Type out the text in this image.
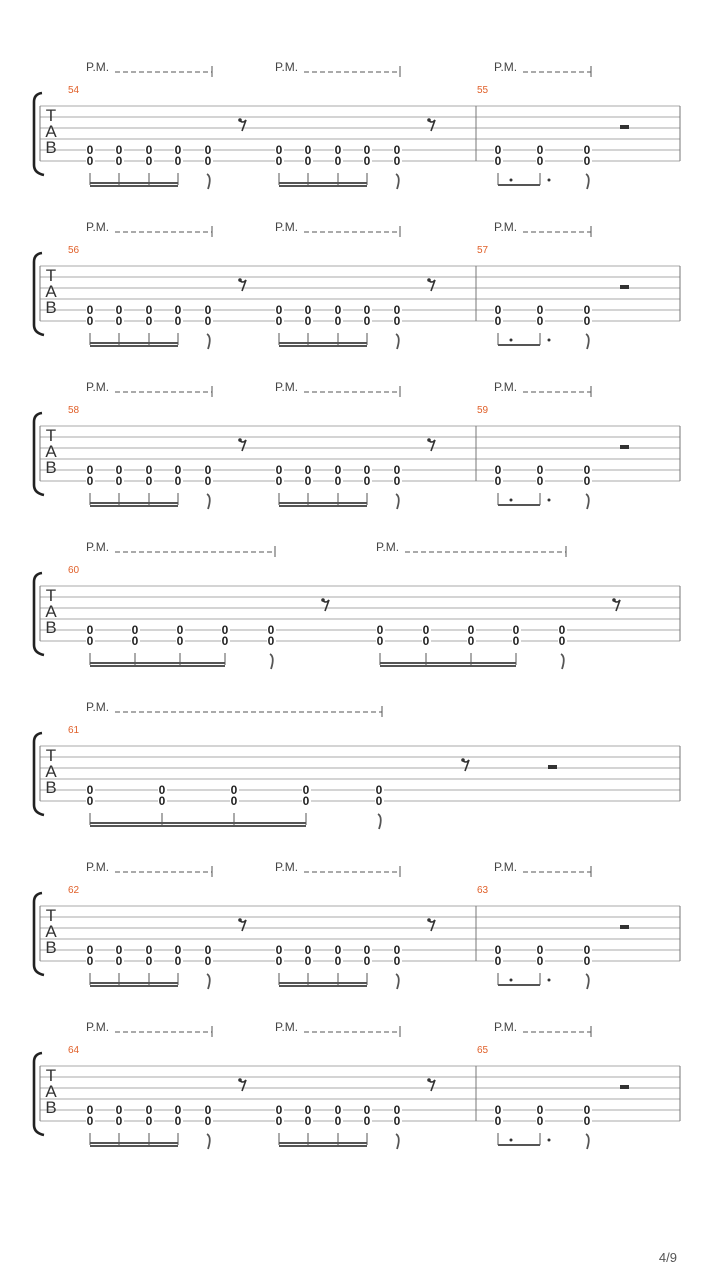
P.M.	P.M.	P.M.
54	55
T
A
B 0
0
0
0
0
0
0
0
0
0
0
0
0
0
0
0
0
0
0
0
0
0
0
0
0
0
P.M.	P.M.	P.M.
56	57
T
A
B 0
0
0
0
0
0
0
0
0
0
0
0
0
0
0
0
0
0
0
0
0
0
0
0
0
0
P.M.	P.M.	P.M.
58	59
T
A
B 0
0
0
0
0
0
0
0
0
0
0
0
0
0
0
0
0
0
0
0
0
0
0
0
0
0
P.M.	P.M.
60
T
A
B 0
0
0
0
0
0
0
0
0
0
0
0
0
0
0
0
0
0
0
0
P.M.
61
T
A
B 0
0
0
0
0
0
0
0
0
0
P.M.	P.M.	P.M.
62	63
T
A
B 0
0
0
0
0
0
0
0
0
0
0
0
0
0
0
0
0
0
0
0
0
0
0
0
0
0
P.M.	P.M.	P.M.
64	65
T
A
B 0
0
0
0
0
0
0
0
0
0
0
0
0
0
0
0
0
0
0
0
0
0
0
0
0
0
4/9
